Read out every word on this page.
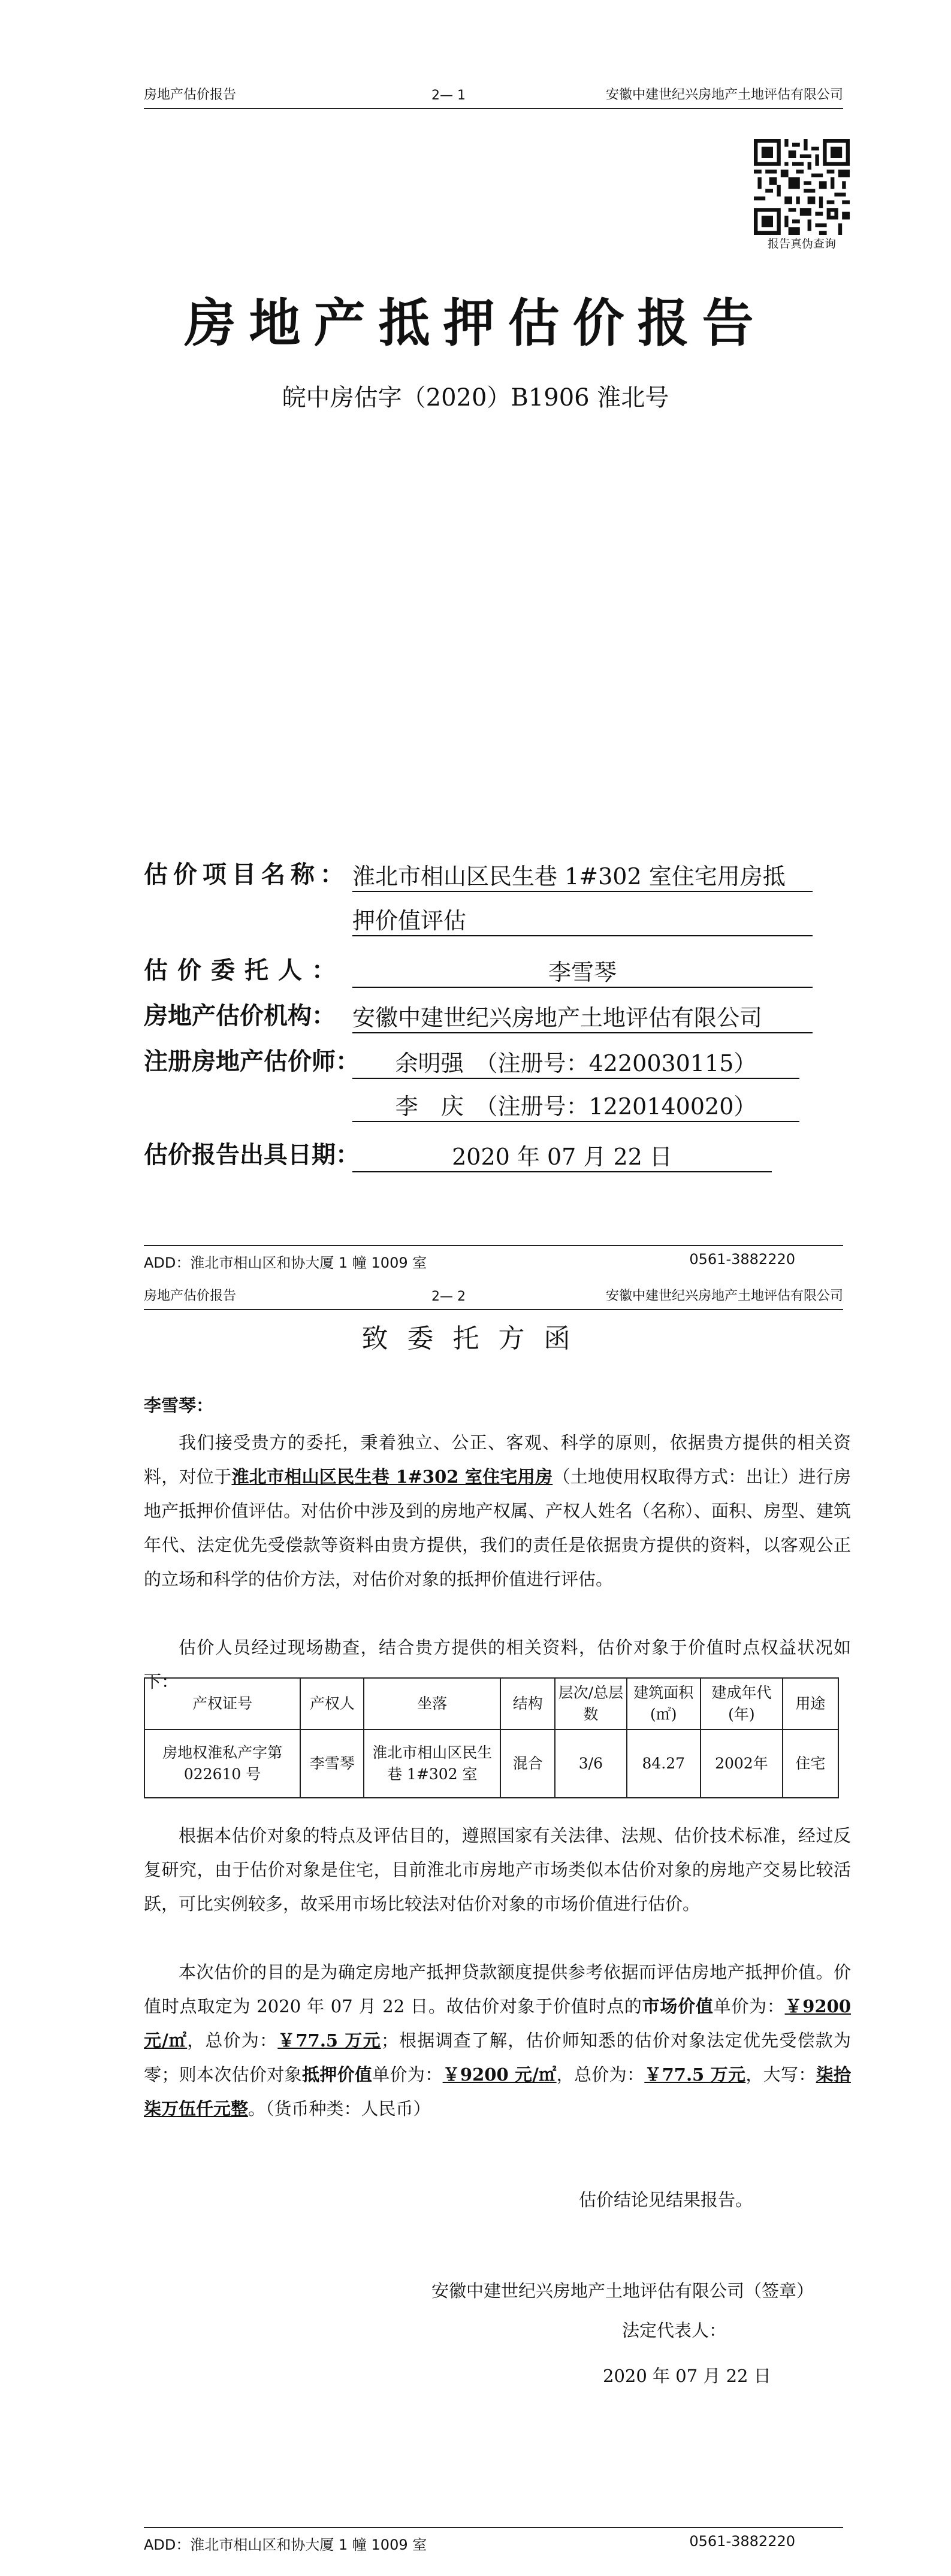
房地产估价报告	2— 1	安徽中建世纪兴房地产土地评估有限公司
报告真伪查询
房地产抵押估价报告
皖中房估字（2020）B1906 淮北号
估价项目名称： 淮北市相山区民生巷 1#302 室住宅用房抵
押价值评估
估价委托人：	李雪琴
房地产估价机构： 安徽中建世纪兴房地产土地评估有限公司
注册房地产估价师：	余明强　（注册号：4220030115）
李　庆　（注册号：1220140020）
估价报告出具日期：	2020 年 07 月 22 日
ADD：淮北市相山区和协大厦 1 幢 1009 室	0561-3882220
房地产估价报告	2— 2	安徽中建世纪兴房地产土地评估有限公司
致委托方函
李雪琴：
我们接受贵方的委托，秉着独立、公正、客观、科学的原则，依据贵方提供的相关资料，对位于淮北市相山区民生巷 1#302 室住宅用房（土地使用权取得方式：出让）进行房地产抵押价值评估。对估价中涉及到的房地产权属、产权人姓名（名称）、面积、房型、建筑年代、法定优先受偿款等资料由贵方提供，我们的责任是依据贵方提供的资料，以客观公正的立场和科学的估价方法，对估价对象的抵押价值进行评估。
估价人员经过现场勘查，结合贵方提供的相关资料，估价对象于价值时点权益状况如下：
产权证号	产权人	坐落	结构	层次/总层数	建筑面积(㎡)	建成年代(年)	用途
房地权淮私产字第 022610 号	李雪琴	淮北市相山区民生巷 1#302 室	混合	3/6	84.27	2002年	住宅
根据本估价对象的特点及评估目的，遵照国家有关法律、法规、估价技术标准，经过反复研究，由于估价对象是住宅，目前淮北市房地产市场类似本估价对象的房地产交易比较活跃，可比实例较多，故采用市场比较法对估价对象的市场价值进行估价。
本次估价的目的是为确定房地产抵押贷款额度提供参考依据而评估房地产抵押价值。价值时点取定为 2020 年 07 月 22 日。故估价对象于价值时点的市场价值单价为：￥9200 元/㎡，总价为：￥77.5 万元；根据调查了解，估价师知悉的估价对象法定优先受偿款为零；则本次估价对象抵押价值单价为：￥9200 元/㎡，总价为：￥77.5 万元，大写：柒拾柒万伍仟元整。（货币种类：人民币）
估价结论见结果报告。
安徽中建世纪兴房地产土地评估有限公司（签章）
法定代表人：
2020 年 07 月 22 日
ADD：淮北市相山区和协大厦 1 幢 1009 室	0561-3882220
